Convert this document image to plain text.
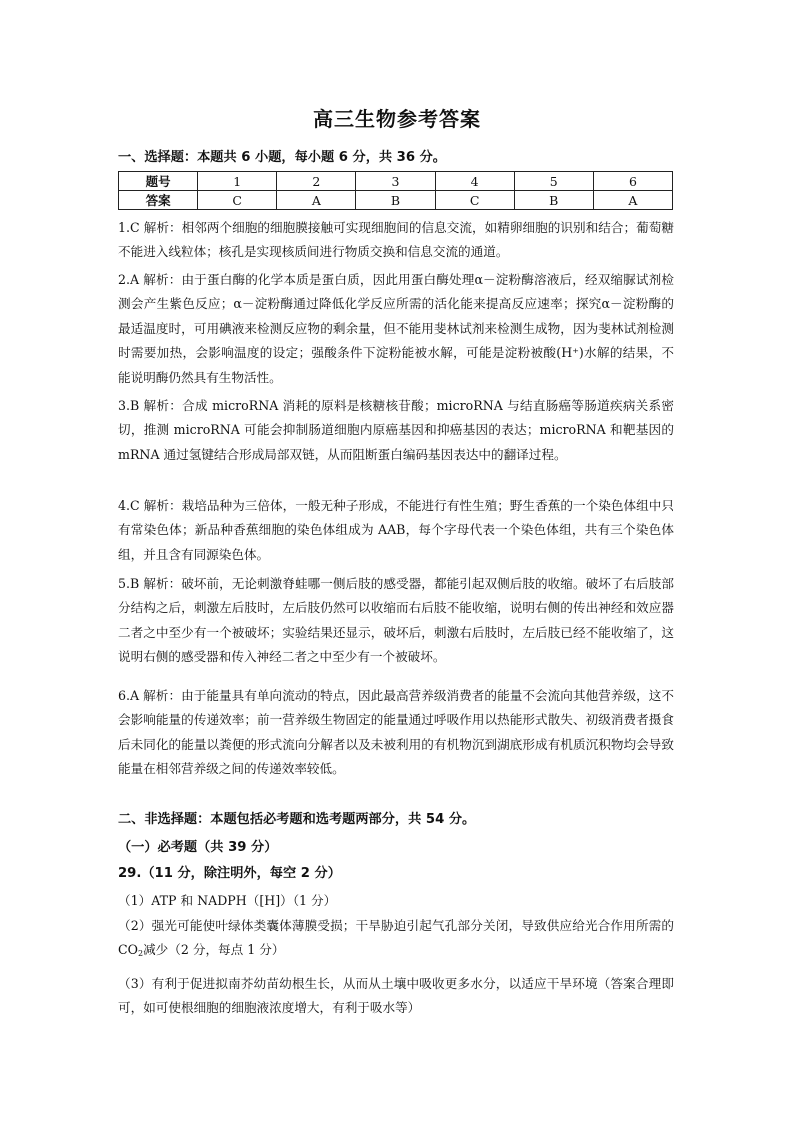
高三生物参考答案
一、选择题：本题共 6 小题，每小题 6 分，共 36 分。
题号	1	2	3	4	5	6
答案	C	A	B	C	B	A
1.C 解析：相邻两个细胞的细胞膜接触可实现细胞间的信息交流，如精卵细胞的识别和结合；葡萄糖不能进入线粒体；核孔是实现核质间进行物质交换和信息交流的通道。
2.A 解析：由于蛋白酶的化学本质是蛋白质，因此用蛋白酶处理α－淀粉酶溶液后，经双缩脲试剂检测会产生紫色反应；α－淀粉酶通过降低化学反应所需的活化能来提高反应速率；探究α－淀粉酶的最适温度时，可用碘液来检测反应物的剩余量，但不能用斐林试剂来检测生成物，因为斐林试剂检测时需要加热，会影响温度的设定；强酸条件下淀粉能被水解，可能是淀粉被酸(H⁺)水解的结果，不能说明酶仍然具有生物活性。
3.B 解析：合成 microRNA 消耗的原料是核糖核苷酸；microRNA 与结直肠癌等肠道疾病关系密切，推测 microRNA 可能会抑制肠道细胞内原癌基因和抑癌基因的表达；microRNA 和靶基因的 mRNA 通过氢键结合形成局部双链，从而阻断蛋白编码基因表达中的翻译过程。
4.C 解析：栽培品种为三倍体，一般无种子形成，不能进行有性生殖；野生香蕉的一个染色体组中只有常染色体；新品种香蕉细胞的染色体组成为 AAB，每个字母代表一个染色体组，共有三个染色体组，并且含有同源染色体。
5.B 解析：破坏前，无论刺激脊蛙哪一侧后肢的感受器，都能引起双侧后肢的收缩。破坏了右后肢部分结构之后，刺激左后肢时，左后肢仍然可以收缩而右后肢不能收缩，说明右侧的传出神经和效应器二者之中至少有一个被破坏；实验结果还显示，破坏后，刺激右后肢时，左后肢已经不能收缩了，这说明右侧的感受器和传入神经二者之中至少有一个被破坏。
6.A 解析：由于能量具有单向流动的特点，因此最高营养级消费者的能量不会流向其他营养级，这不会影响能量的传递效率；前一营养级生物固定的能量通过呼吸作用以热能形式散失、初级消费者摄食后未同化的能量以粪便的形式流向分解者以及未被利用的有机物沉到湖底形成有机质沉积物均会导致能量在相邻营养级之间的传递效率较低。
二、非选择题：本题包括必考题和选考题两部分，共 54 分。
（一）必考题（共 39 分）
29.（11 分，除注明外，每空 2 分）
（1）ATP 和 NADPH（[H]）（1 分）
（2）强光可能使叶绿体类囊体薄膜受损；干旱胁迫引起气孔部分关闭，导致供应给光合作用所需的 $CO_2$减少（2 分，每点 1 分）
（3）有利于促进拟南芥幼苗幼根生长，从而从土壤中吸收更多水分，以适应干旱环境（答案合理即可，如可使根细胞的细胞液浓度增大，有利于吸水等）
